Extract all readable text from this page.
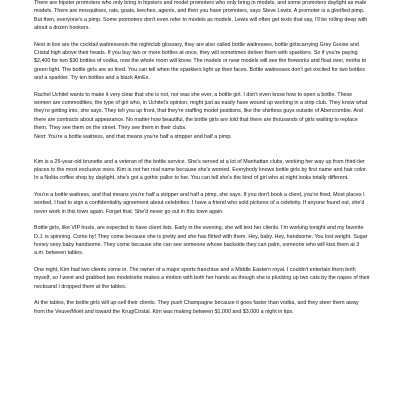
There are hipster promoters who only bring in hipsters and model promoters who only bring in models, and some promoters daylight as male models. There are mosquitoes, rats, goats, leeches, agents, and then you have promoters, says Steve Lewis. A promoter is a glorified pimp. But then, everyone's a pimp. Some promoters don't even refer to models as models. Lewis will often get texts that say, I'll be rolling deep with about a dozen hookers.

Next in line are the cocktail waitressesin the nightclub glossary, they are also called bottle waitresses, bottle girlscarrying Grey Goose and Cristal high above their heads. If you buy two or more bottles at once, they will sometimes deliver them with sparklers. So if you're paying $2,400 for two $30 bottles of vodka, now the whole room will know. The models or near models will see the fireworks and float over, moths to green light. The bottle girls are so tired. You can tell when the sparklers light up their faces. Bottle waitresses don't get excited for two bottles and a sparkler. Try ten bottles and a black AmEx.

Rachel Uchitel wants to make it very clear that she is not, nor was she ever, a bottle girl. I don't even know how to open a bottle. These women are commodities, the type of girl who, in Uchitel's opinion, might just as easily have wound up working in a strip club. They know what they're getting into, she says. They tell you up front, that they're staffing model positions, like the shirtless guys outside of Abercrombie. And there are contracts about appearance. No matter how beautiful, the bottle girls are told that there are thousands of girls waiting to replace them. They see them on the street. They see them in their clubs.

Next: You're a bottle waitress, and that means you're half a stripper and half a pimp.

Kim is a 26-year-old brunette and a veteran of the bottle service. She's served at a lot of Manhattan clubs, working her way up from third-tier places to the most exclusive ones. Kim is not her real name because she's worried. Everybody knows bottle girls by first name and hair color. In a Nolita coffee shop by daylight, she's got a gothic pallor to her. You can tell she's the kind of girl who at night looks totally different.

You're a bottle waitress, and that means you're half a stripper and half a pimp, she says. If you don't book a client, you're fired. Most places I worked, I had to sign a confidentiality agreement about celebrities. I have a friend who sold pictures of a celebrity. If anyone found out, she'd never work in this town again. Forget that. She'd never go out in this town again.

Bottle girls, like VIP hosts, are expected to have client lists. Early in the evening, she will text her clients. I'm working tonight and my favorite D.J. is spinning. Come by! They come because she is pretty and she has flirted with them. Hey, baby. Hey, handsome. You lost weight. Sugar honey sexy baby handsome. They come because she can see someone whose backside they can palm, someone who will kiss them at 3 a.m. between tables.

One night, Kim had two clients come in. The owner of a major sports franchise and a Middle Eastern royal. I couldn't entertain them both myself, so I went and grabbed two modelsshe makes a motion with both her hands as though she is plucking up two cats by the napes of their necksand I dropped them at the tables.

At the tables, the bottle girls will up-sell their clients. They push Champagne because it goes faster than vodka, and they steer them away from the Veuve/Moët and toward the Krug/Cristal. Kim was making between $1,000 and $3,000 a night in tips.
